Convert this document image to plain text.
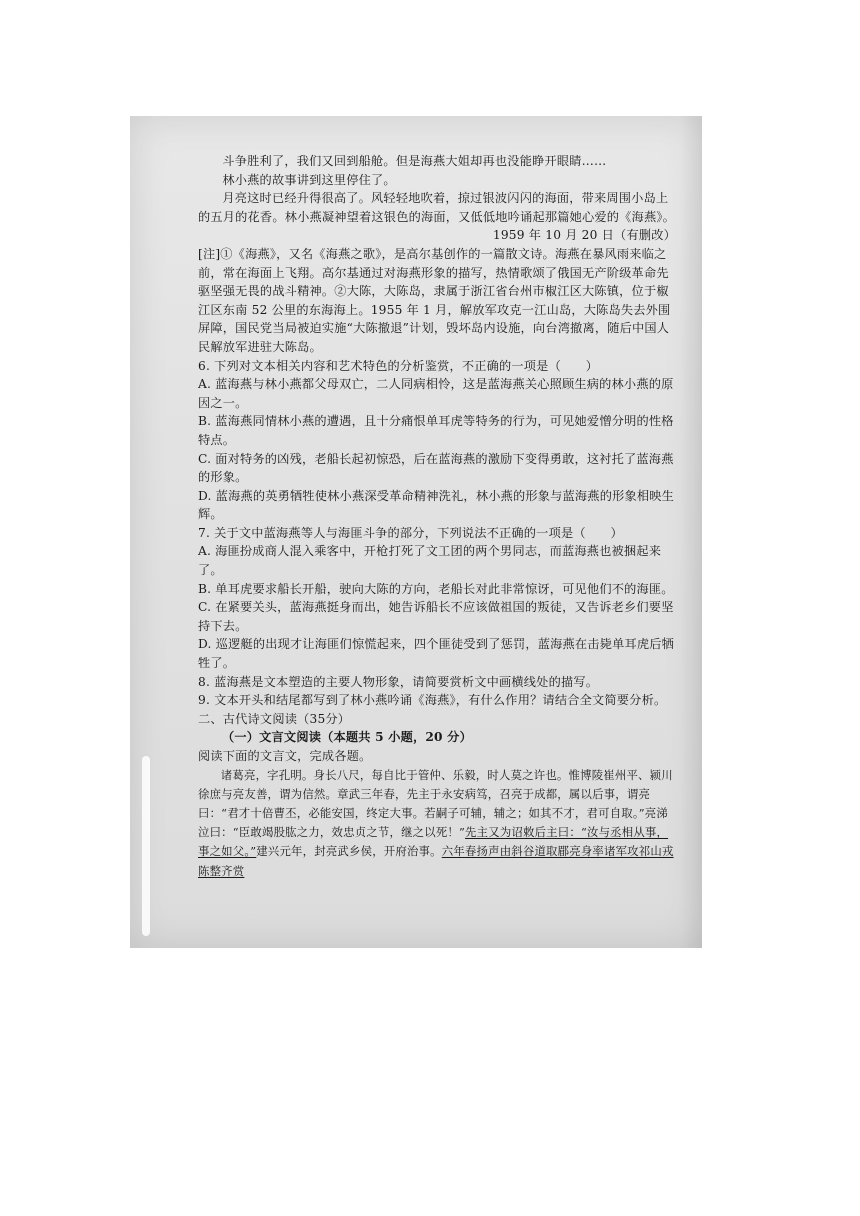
斗争胜利了，我们又回到船舱。但是海燕大姐却再也没能睁开眼睛……

林小燕的故事讲到这里停住了。

月亮这时已经升得很高了。风轻轻地吹着，掠过银波闪闪的海面，带来周围小岛上的五月的花香。林小燕凝神望着这银色的海面，又低低地吟诵起那篇她心爱的《海燕》。

1959 年 10 月 20 日（有删改）

[注]①《海燕》，又名《海燕之歌》，是高尔基创作的一篇散文诗。海燕在暴风雨来临之前，常在海面上飞翔。高尔基通过对海燕形象的描写，热情歌颂了俄国无产阶级革命先驱坚强无畏的战斗精神。②大陈，大陈岛，隶属于浙江省台州市椒江区大陈镇，位于椒江区东南 52 公里的东海海上。1955 年 1 月，解放军攻克一江山岛，大陈岛失去外围屏障，国民党当局被迫实施“大陈撤退”计划，毁坏岛内设施，向台湾撤离，随后中国人民解放军进驻大陈岛。

6. 下列对文本相关内容和艺术特色的分析鉴赏，不正确的一项是（　　）

A. 蓝海燕与林小燕都父母双亡，二人同病相怜，这是蓝海燕关心照顾生病的林小燕的原因之一。

B. 蓝海燕同情林小燕的遭遇，且十分痛恨单耳虎等特务的行为，可见她爱憎分明的性格特点。

C. 面对特务的凶残，老船长起初惊恐，后在蓝海燕的激励下变得勇敢，这衬托了蓝海燕的形象。

D. 蓝海燕的英勇牺牲使林小燕深受革命精神洗礼，林小燕的形象与蓝海燕的形象相映生辉。

7. 关于文中蓝海燕等人与海匪斗争的部分，下列说法不正确的一项是（　　）

A. 海匪扮成商人混入乘客中，开枪打死了文工团的两个男同志，而蓝海燕也被捆起来了。

B. 单耳虎要求船长开船，驶向大陈的方向，老船长对此非常惊讶，可见他们不的海匪。

C. 在紧要关头，蓝海燕挺身而出，她告诉船长不应该做祖国的叛徒，又告诉老乡们要坚持下去。

D. 巡逻艇的出现才让海匪们惊慌起来，四个匪徒受到了惩罚，蓝海燕在击毙单耳虎后牺牲了。

8. 蓝海燕是文本塑造的主要人物形象，请简要赏析文中画横线处的描写。

9. 文本开头和结尾都写到了林小燕吟诵《海燕》，有什么作用？请结合全文简要分析。

二、古代诗文阅读（35分）

（一）文言文阅读（本题共 5 小题，20 分）

阅读下面的文言文，完成各题。

诸葛亮，字孔明。身长八尺，每自比于管仲、乐毅，时人莫之许也。惟博陵崔州平、颍川徐庶与亮友善，谓为信然。章武三年春，先主于永安病笃，召亮于成都，属以后事，谓亮曰：“君才十倍曹丕，必能安国，终定大事。若嗣子可辅，辅之；如其不才，君可自取。”亮涕泣曰：“臣敢竭股肱之力，效忠贞之节，继之以死！”先主又为诏敕后主曰：“汝与丞相从事，事之如父。”建兴元年，封亮武乡侯，开府治事。六年春扬声由斜谷道取郿亮身率诸军攻祁山戎陈整齐赏
